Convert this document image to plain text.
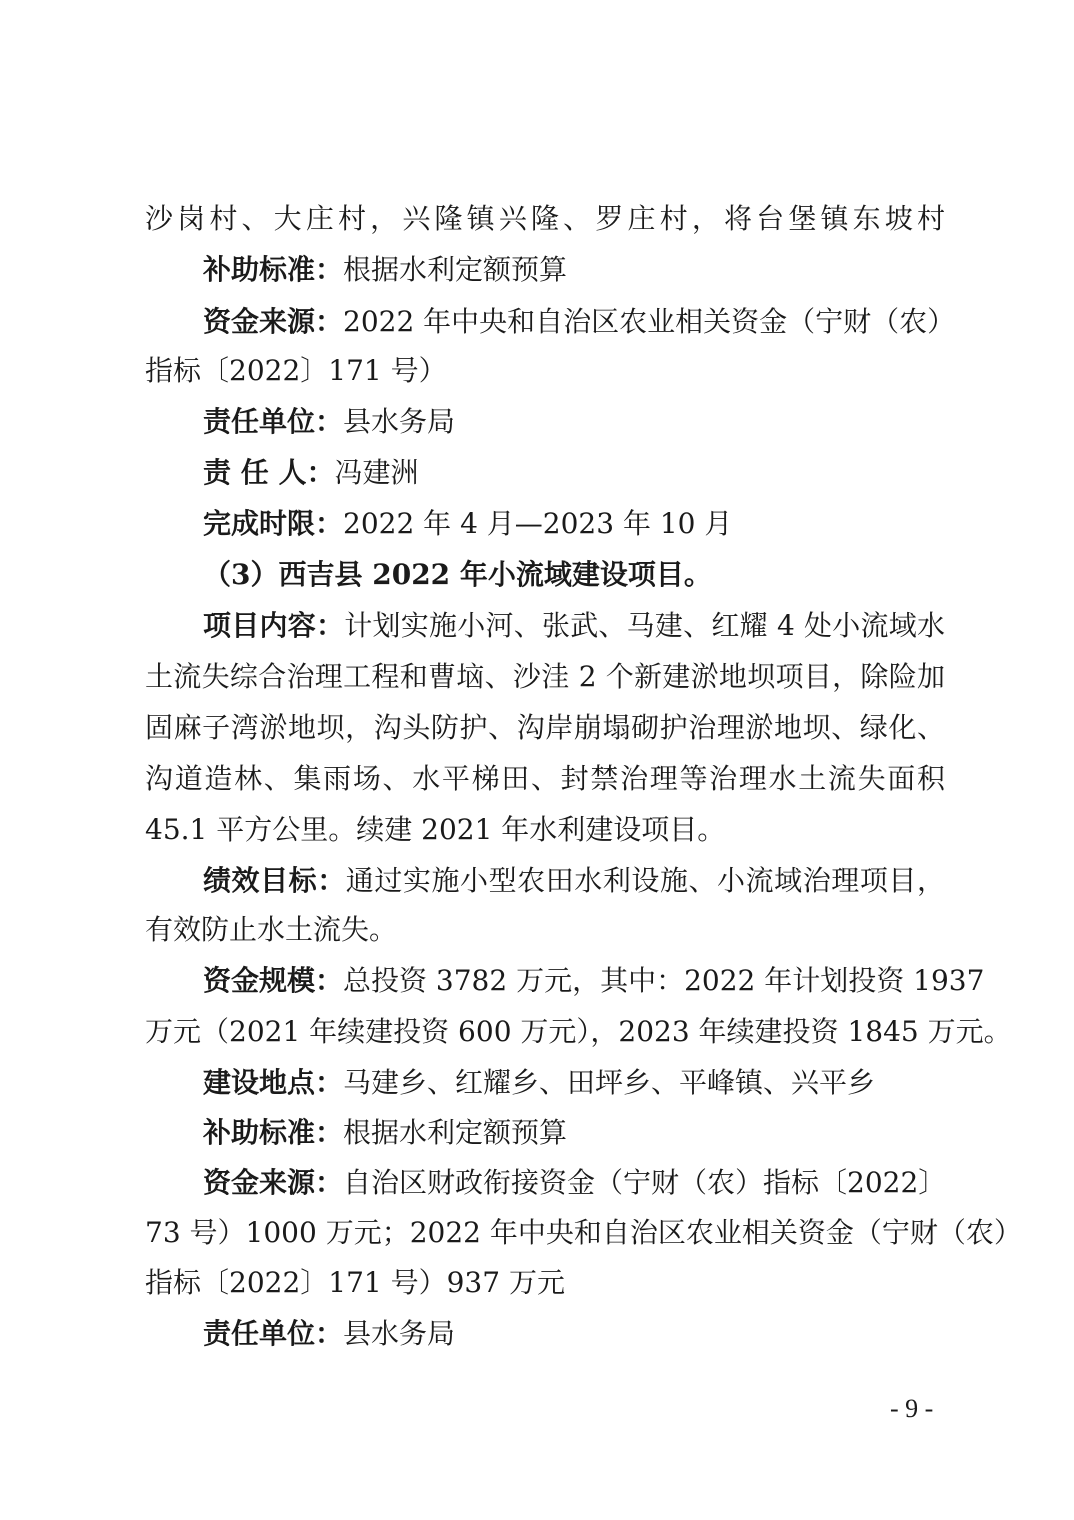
沙岗村、大庄村，兴隆镇兴隆、罗庄村，将台堡镇东坡村
补助标准：根据水利定额预算
资金来源：2022 年中央和自治区农业相关资金（宁财（农）
指标〔2022〕171 号）
责任单位：县水务局
责 任 人：冯建洲
完成时限：2022 年 4 月—2023 年 10 月
（3）西吉县 2022 年小流域建设项目。
项目内容：计划实施小河、张武、马建、红耀 4 处小流域水
土流失综合治理工程和曹垴、沙洼 2 个新建淤地坝项目，除险加
固麻子湾淤地坝，沟头防护、沟岸崩塌砌护治理淤地坝、绿化、
沟道造林、集雨场、水平梯田、封禁治理等治理水土流失面积
45.1 平方公里。续建 2021 年水利建设项目。
绩效目标：通过实施小型农田水利设施、小流域治理项目，
有效防止水土流失。
资金规模：总投资 3782 万元，其中：2022 年计划投资 1937
万元（2021 年续建投资 600 万元），2023 年续建投资 1845 万元。
建设地点：马建乡、红耀乡、田坪乡、平峰镇、兴平乡
补助标准：根据水利定额预算
资金来源：自治区财政衔接资金（宁财（农）指标〔2022〕
73 号）1000 万元；2022 年中央和自治区农业相关资金（宁财（农）
指标〔2022〕171 号）937 万元
责任单位：县水务局
- 9 -
